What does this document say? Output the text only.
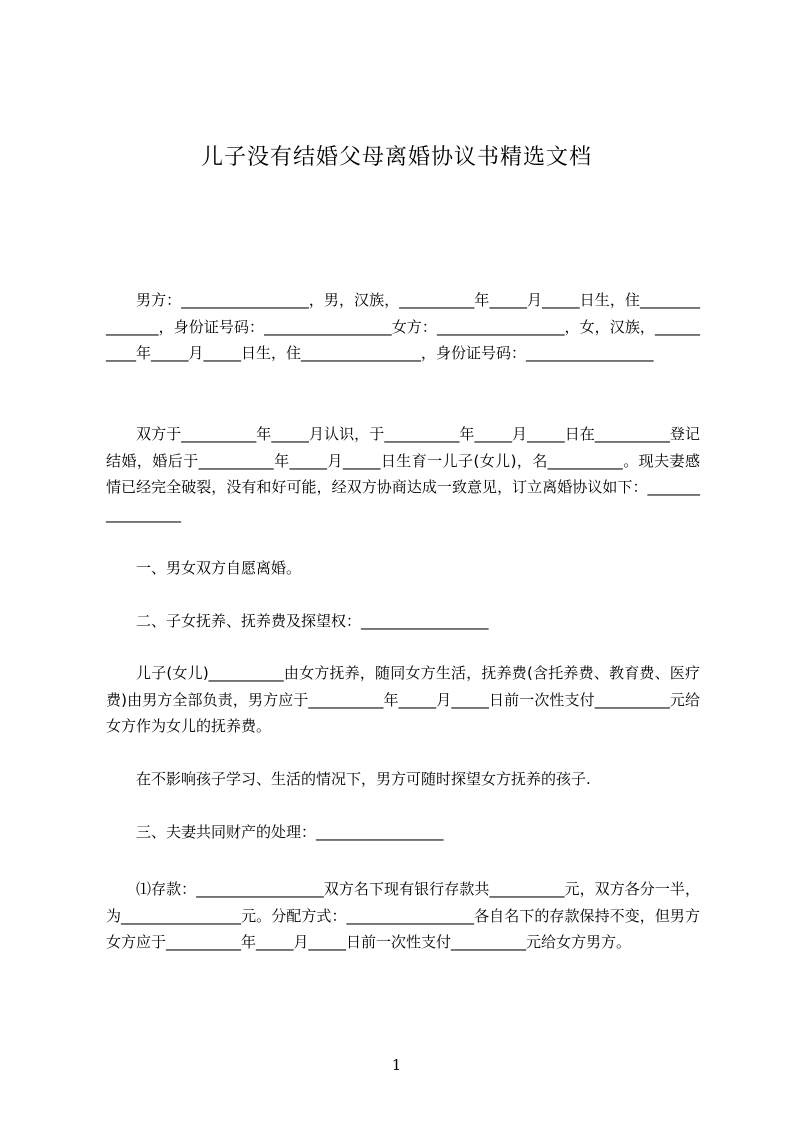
儿子没有结婚父母离婚协议书精选文档

男方：_________________，男，汉族，__________年_____月_____日生，住_______________，身份证号码：_________________女方：_________________，女，汉族，__________年_____月_____日生，住________________，身份证号码：_________________

双方于__________年_____月认识，于__________年_____月_____日在__________登记结婚，婚后于__________年_____月_____日生育一儿子(女儿)，名__________。现夫妻感情已经完全破裂，没有和好可能，经双方协商达成一致意见，订立离婚协议如下：_________________

一、男女双方自愿离婚。

二、子女抚养、抚养费及探望权：_________________

儿子(女儿)__________由女方抚养，随同女方生活，抚养费(含托养费、教育费、医疗费)由男方全部负责，男方应于__________年_____月_____日前一次性支付__________元给女方作为女儿的抚养费。

在不影响孩子学习、生活的情况下，男方可随时探望女方抚养的孩子.

三、夫妻共同财产的处理：_________________

⑴存款：_________________双方名下现有银行存款共__________元，双方各分一半，为________________元。分配方式：_________________各自名下的存款保持不变，但男方女方应于__________年_____月_____日前一次性支付__________元给女方男方。

1
